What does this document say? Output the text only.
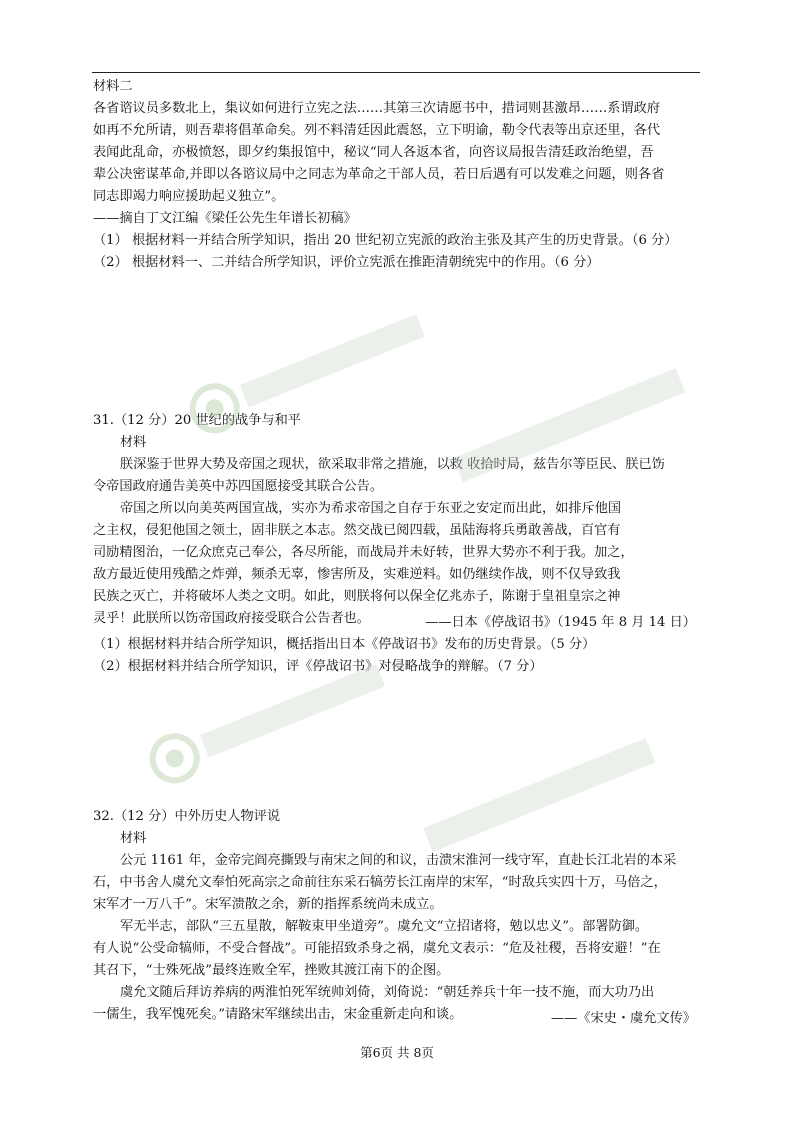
材料二
各省谘议员多数北上，集议如何进行立宪之法……其第三次请愿书中，措词则甚激昂……系谓政府
如再不允所请，则吾辈将倡革命矣。列不料清廷因此震怒，立下明谕，勒令代表等出京还里，各代
表闻此乱命，亦极愤怒，即夕约集报馆中，秘议“同人各返本省，向咨议局报告清廷政治绝望，吾
辈公决密谋革命,并即以各谘议局中之同志为革命之干部人员，若日后遇有可以发难之问题，则各省
同志即竭力响应援助起义独立”。
——摘自丁文江编《梁任公先生年谱长初稿》
（1） 根据材料一并结合所学知识，指出 20 世纪初立宪派的政治主张及其产生的历史背景。（6 分）
（2） 根据材料一、二并结合所学知识，评价立宪派在推距清朝统宪中的作用。（6 分）
31.（12 分）20 世纪的战争与和平
材料
朕深鉴于世界大势及帝国之现状，欲采取非常之措施，以救 收拾时局，兹告尔等臣民、朕已饬
令帝国政府通告美英中苏四国愿接受其联合公告。
帝国之所以向美英两国宣战，实亦为希求帝国之自存于东亚之安定而出此，如排斥他国
之主权，侵犯他国之领土，固非朕之本志。然交战已阅四载，虽陆海将兵勇敢善战，百官有
司励精图治，一亿众庶克己奉公，各尽所能，而战局并未好转，世界大势亦不利于我。加之，
敌方最近使用残酷之炸弹，频杀无辜，惨害所及，实难逆料。如仍继续作战，则不仅导致我
民族之灭亡，并将破坏人类之文明。如此，则朕将何以保全亿兆赤子，陈谢于皇祖皇宗之神
灵乎！此朕所以饬帝国政府接受联合公告者也。	——日本《停战诏书》（1945 年 8 月 14 日）
（1）根据材料并结合所学知识，概括指出日本《停战诏书》发布的历史背景。（5 分）
（2）根据材料并结合所学知识，评《停战诏书》对侵略战争的辩解。（7 分）
32.（12 分）中外历史人物评说
材料
公元 1161 年，金帝完阎亮撕毁与南宋之间的和议，击溃宋淮河一线守军，直赴长江北岩的本采
石，中书舍人虞允文奉怕死高宗之命前往东采石犒劳长江南岸的宋军，“时敌兵实四十万，马倍之，
宋军才一万八千”。宋军溃散之余，新的指挥系统尚未成立。
军无半志，部队“三五星散，解鞍束甲坐道旁”。虞允文“立招诸将，勉以忠义”。部署防御。
有人说“公受命犒师，不受合督战”。可能招致杀身之祸，虞允文表示：“危及社稷，吾将安避！”在
其召下，“士殊死战”最终连败全军，挫败其渡江南下的企图。
虞允文随后拜访养病的两淮怕死军统帅刘倚，刘倚说：“朝廷养兵十年一技不施，而大功乃出
一儒生，我军愧死矣。”请路宋军继续出击，宋金重新走向和谈。	——《宋史・虞允文传》
第6页 共 8页
